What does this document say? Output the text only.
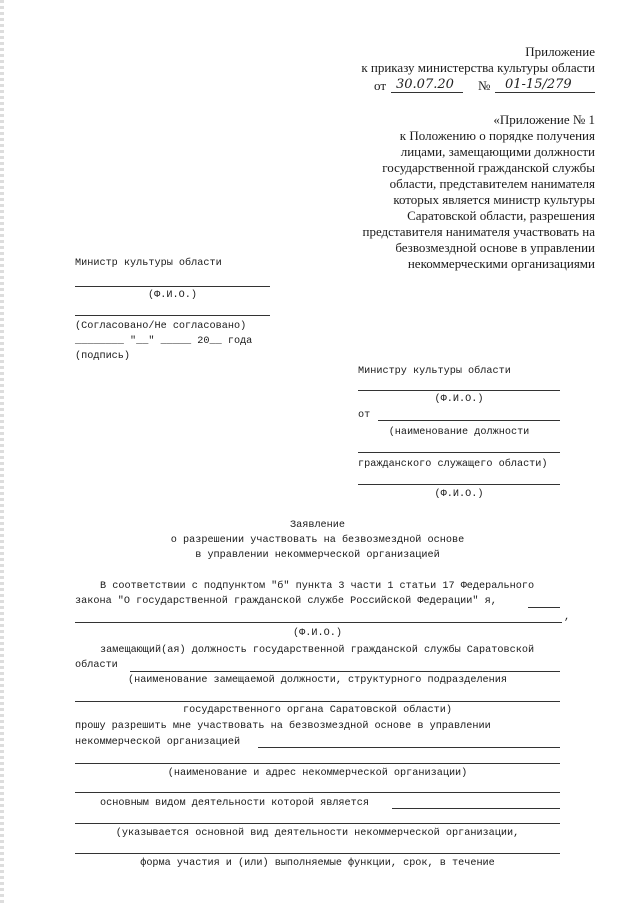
Приложение
к приказу министерства культуры области
от 30.07.20 № 01-15/279
«Приложение № 1
к Положению о порядке получения
лицами, замещающими должности
государственной гражданской службы
области, представителем нанимателя
которых является министр культуры
Саратовской области, разрешения
представителя нанимателя участвовать на
безвозмездной основе в управлении
некоммерческими организациями
Министр культуры области
(Ф.И.О.)
(Согласовано/Не согласовано)
________ "__" _____ 20__ года
(подпись)
Министру культуры области
(Ф.И.О.)
от
(наименование должности
гражданского служащего области)
(Ф.И.О.)
Заявление
о разрешении участвовать на безвозмездной основе
в управлении некоммерческой организацией
В соответствии с подпунктом "б" пункта 3 части 1 статьи 17 Федерального
закона "О государственной гражданской службе Российской Федерации" я,
,
(Ф.И.О.)
замещающий(ая) должность государственной гражданской службы Саратовской
области
(наименование замещаемой должности, структурного подразделения
государственного органа Саратовской области)
прошу разрешить мне участвовать на безвозмездной основе в управлении
некоммерческой организацией
(наименование и адрес некоммерческой организации)
основным видом деятельности которой является
(указывается основной вид деятельности некоммерческой организации,
форма участия и (или) выполняемые функции, срок, в течение
